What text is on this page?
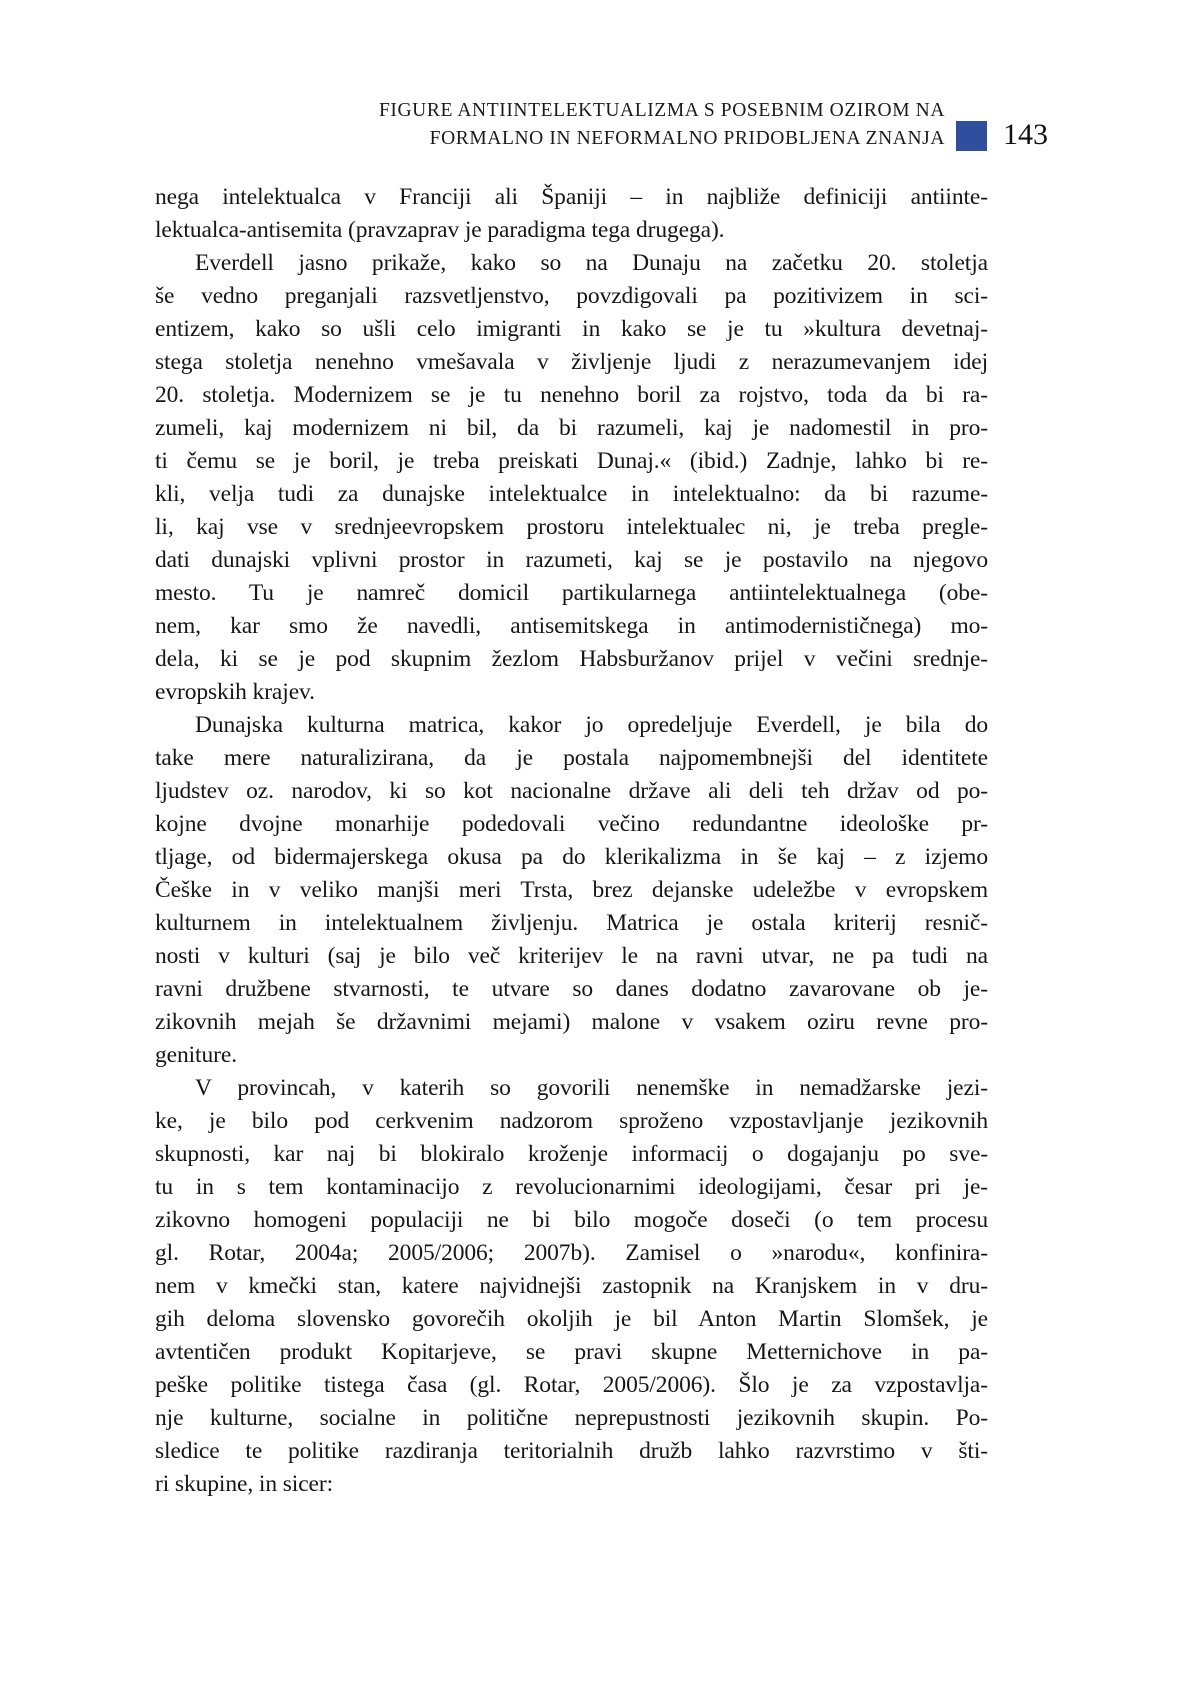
FIGURE ANTIINTELEKTUALIZMA S POSEBNIM OZIROM NA
FORMALNO IN NEFORMALNO PRIDOBLJENA ZNANJA 143
nega intelektualca v Franciji ali Španiji – in najbliže definiciji antiinte-
lektualca-antisemita (pravzaprav je paradigma tega drugega).
Everdell jasno prikaže, kako so na Dunaju na začetku 20. stoletja
še vedno preganjali razsvetljenstvo, povzdigovali pa pozitivizem in sci-
entizem, kako so ušli celo imigranti in kako se je tu »kultura devetnaj-
stega stoletja nenehno vmešavala v življenje ljudi z nerazumevanjem idej
20. stoletja. Modernizem se je tu nenehno boril za rojstvo, toda da bi ra-
zumeli, kaj modernizem ni bil, da bi razumeli, kaj je nadomestil in pro-
ti čemu se je boril, je treba preiskati Dunaj.« (ibid.) Zadnje, lahko bi re-
kli, velja tudi za dunajske intelektualce in intelektualno: da bi razume-
li, kaj vse v srednjeevropskem prostoru intelektualec ni, je treba pregle-
dati dunajski vplivni prostor in razumeti, kaj se je postavilo na njegovo
mesto. Tu je namreč domicil partikularnega antiintelektualnega (obe-
nem, kar smo že navedli, antisemitskega in antimodernističnega) mo-
dela, ki se je pod skupnim žezlom Habsburžanov prijel v večini srednje-
evropskih krajev.
Dunajska kulturna matrica, kakor jo opredeljuje Everdell, je bila do
take mere naturalizirana, da je postala najpomembnejši del identitete
ljudstev oz. narodov, ki so kot nacionalne države ali deli teh držav od po-
kojne dvojne monarhije podedovali večino redundantne ideološke pr-
tljage, od bidermajerskega okusa pa do klerikalizma in še kaj – z izjemo
Češke in v veliko manjši meri Trsta, brez dejanske udeležbe v evropskem
kulturnem in intelektualnem življenju. Matrica je ostala kriterij resnič-
nosti v kulturi (saj je bilo več kriterijev le na ravni utvar, ne pa tudi na
ravni družbene stvarnosti, te utvare so danes dodatno zavarovane ob je-
zikovnih mejah še državnimi mejami) malone v vsakem oziru revne pro-
geniture.
V provincah, v katerih so govorili nenemške in nemadžarske jezi-
ke, je bilo pod cerkvenim nadzorom sproženo vzpostavljanje jezikovnih
skupnosti, kar naj bi blokiralo kroženje informacij o dogajanju po sve-
tu in s tem kontaminacijo z revolucionarnimi ideologijami, česar pri je-
zikovno homogeni populaciji ne bi bilo mogoče doseči (o tem procesu
gl. Rotar, 2004a; 2005/2006; 2007b). Zamisel o »narodu«, konfinira-
nem v kmečki stan, katere najvidnejši zastopnik na Kranjskem in v dru-
gih deloma slovensko govorečih okoljih je bil Anton Martin Slomšek, je
avtentičen produkt Kopitarjeve, se pravi skupne Metternichove in pa-
peške politike tistega časa (gl. Rotar, 2005/2006). Šlo je za vzpostavlja-
nje kulturne, socialne in politične neprepustnosti jezikovnih skupin. Po-
sledice te politike razdiranja teritorialnih družb lahko razvrstimo v šti-
ri skupine, in sicer:
